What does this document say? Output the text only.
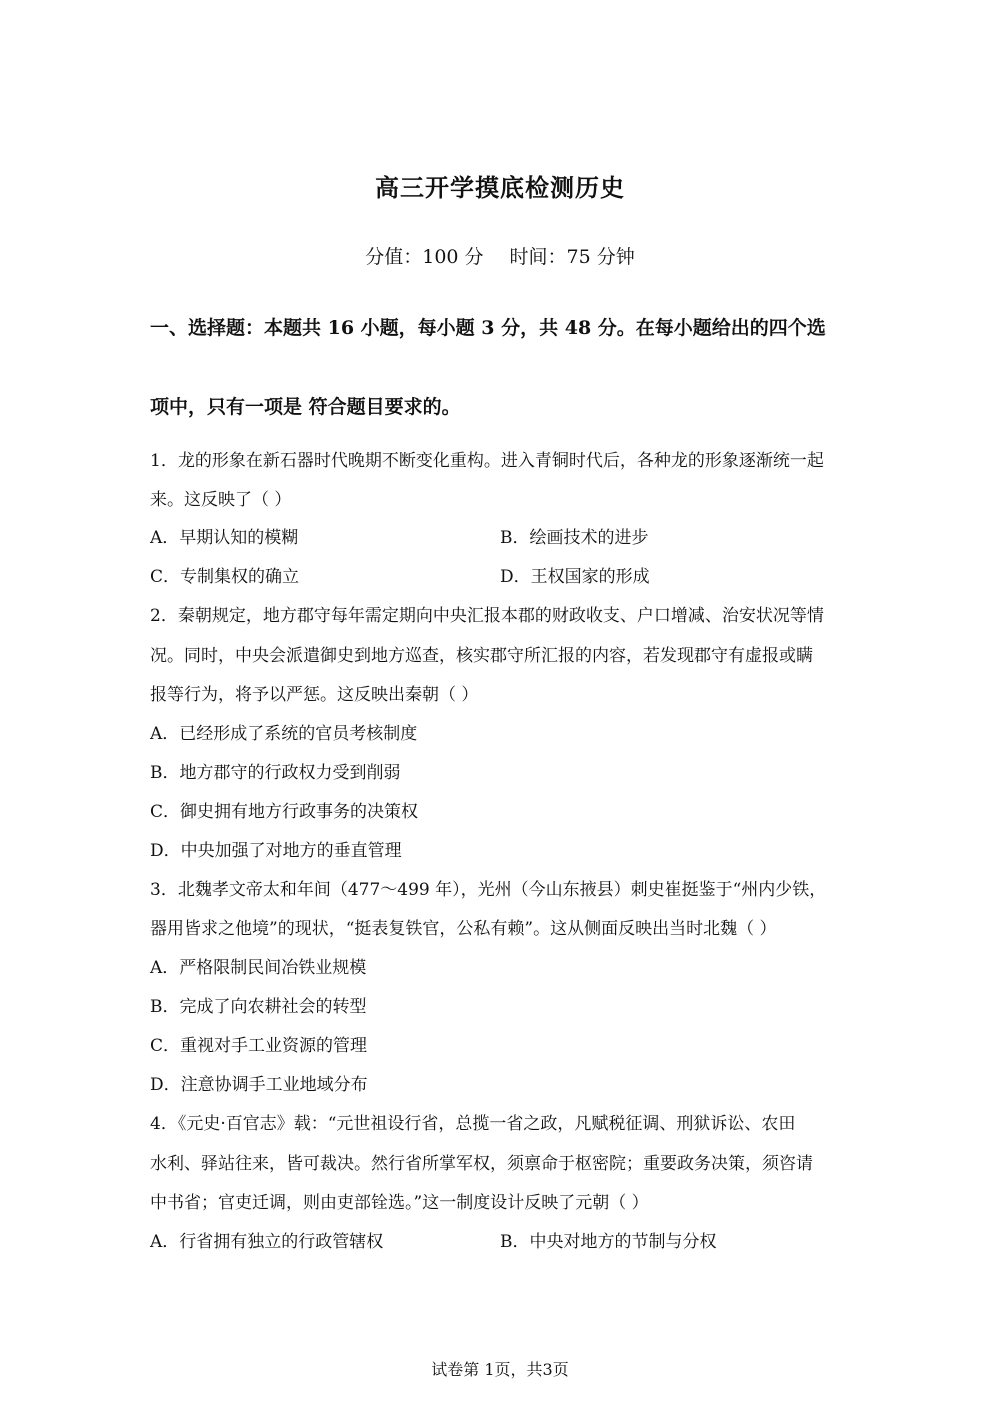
高三开学摸底检测历史
分值：100 分 时间：75 分钟
一、选择题：本题共 16 小题，每小题 3 分，共 48 分。在每小题给出的四个选
项中，只有一项是 符合题目要求的。
1．龙的形象在新石器时代晚期不断变化重构。进入青铜时代后，各种龙的形象逐渐统一起
来。这反映了（ ）
A．早期认知的模糊	B．绘画技术的进步
C．专制集权的确立	D．王权国家的形成
2．秦朝规定，地方郡守每年需定期向中央汇报本郡的财政收支、户口增减、治安状况等情
况。同时，中央会派遣御史到地方巡查，核实郡守所汇报的内容，若发现郡守有虚报或瞒
报等行为，将予以严惩。这反映出秦朝（ ）
A．已经形成了系统的官员考核制度
B．地方郡守的行政权力受到削弱
C．御史拥有地方行政事务的决策权
D．中央加强了对地方的垂直管理
3．北魏孝文帝太和年间（477～499 年），光州（今山东掖县）刺史崔挺鉴于“州内少铁，
器用皆求之他境”的现状，“挺表复铁官，公私有赖”。这从侧面反映出当时北魏（ ）
A．严格限制民间冶铁业规模
B．完成了向农耕社会的转型
C．重视对手工业资源的管理
D．注意协调手工业地域分布
4．《元史·百官志》载：“元世祖设行省，总揽一省之政，凡赋税征调、刑狱诉讼、农田
水利、驿站往来，皆可裁决。然行省所掌军权，须禀命于枢密院；重要政务决策，须咨请
中书省；官吏迁调，则由吏部铨选。”这一制度设计反映了元朝（ ）
A．行省拥有独立的行政管辖权	B．中央对地方的节制与分权
试卷第 1页，共3页
